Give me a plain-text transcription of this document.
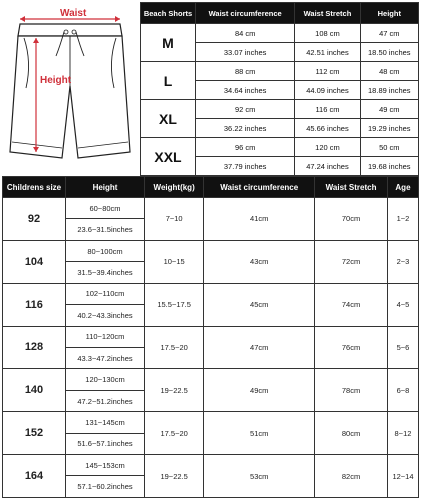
Waist
Height
Beach Shorts	Waist circumference	Waist Stretch	Height
M	84 cm	108 cm	47 cm
	33.07 inches	42.51 inches	18.50 inches
L	88 cm	112 cm	48 cm
	34.64 inches	44.09 inches	18.89 inches
XL	92 cm	116 cm	49 cm
	36.22 inches	45.66 inches	19.29 inches
XXL	96 cm	120 cm	50 cm
	37.79 inches	47.24 inches	19.68 inches
Childrens size	Height	Weight(kg)	Waist circumference	Waist Stretch	Age
92	60~80cm	7~10	41cm	70cm	1~2
	23.6~31.5inches				
104	80~100cm	10~15	43cm	72cm	2~3
	31.5~39.4inches				
116	102~110cm	15.5~17.5	45cm	74cm	4~5
	40.2~43.3inches				
128	110~120cm	17.5~20	47cm	76cm	5~6
	43.3~47.2inches				
140	120~130cm	19~22.5	49cm	78cm	6~8
	47.2~51.2inches				
152	131~145cm	17.5~20	51cm	80cm	8~12
	51.6~57.1inches				
164	145~153cm	19~22.5	53cm	82cm	12~14
	57.1~60.2inches				
